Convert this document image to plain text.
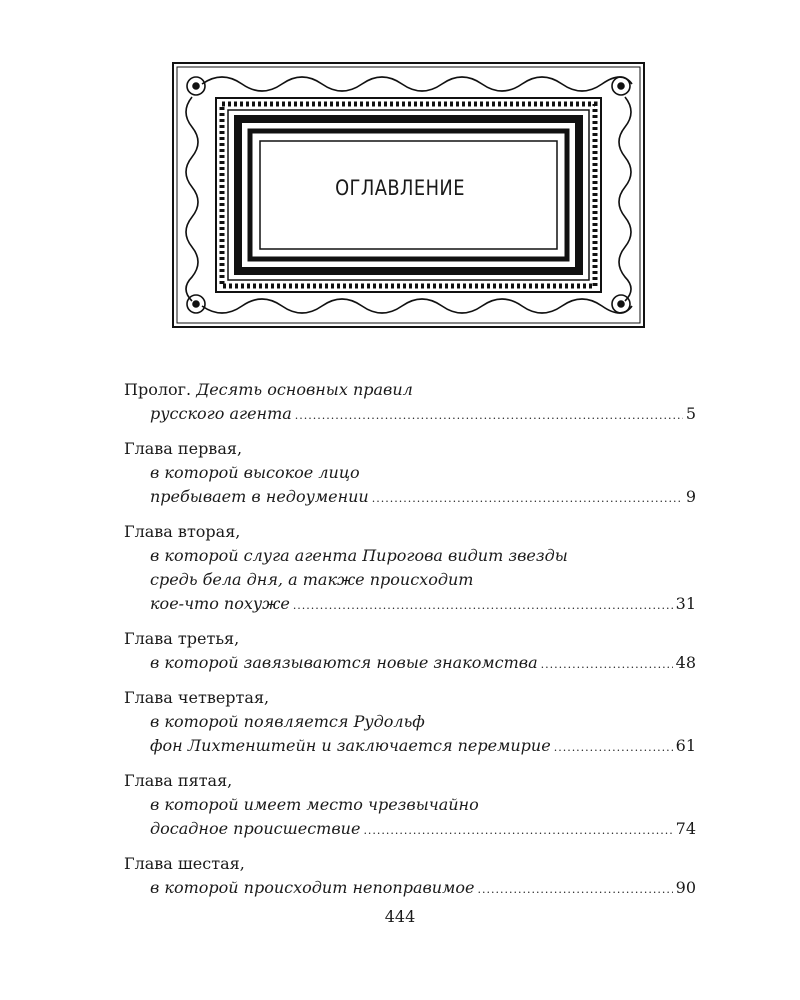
ОГЛАВЛЕНИЕ
Пролог. Десять основных правил
русского агента .....	5
Глава первая,
в которой высокое лицо
пребывает в недоумении .....	9
Глава вторая,
в которой слуга агента Пирогова видит звезды
средь бела дня, а также происходит
кое-что похуже .....	31
Глава третья,
в которой завязываются новые знакомства .....	48
Глава четвертая,
в которой появляется Рудольф
фон Лихтенштейн и заключается перемирие .....	61
Глава пятая,
в которой имеет место чрезвычайно
досадное происшествие .....	74
Глава шестая,
в которой происходит непоправимое .....	90
444
